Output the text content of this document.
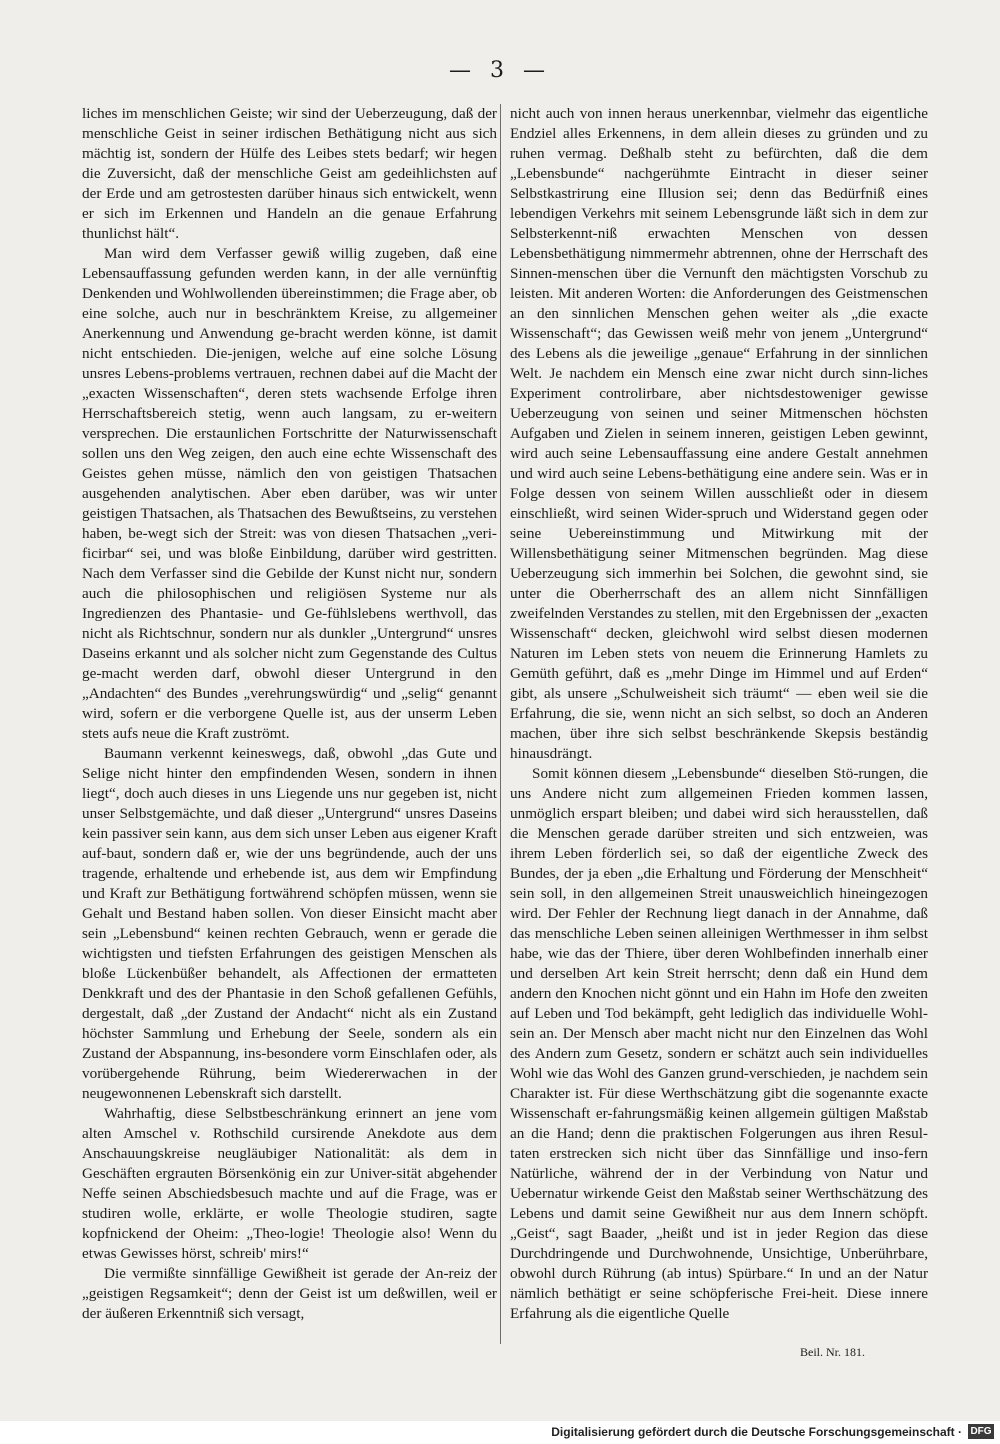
— 3 —

liches im menschlichen Geiste; wir sind der Ueberzeugung, daß der menschliche Geist in seiner irdischen Bethätigung nicht aus sich mächtig ist, sondern der Hülfe des Leibes stets bedarf; wir hegen die Zuversicht, daß der menschliche Geist am gedeihlichsten auf der Erde und am getrostesten darüber hinaus sich entwickelt, wenn er sich im Erkennen und Handeln an die genaue Erfahrung thunlichst hält“.

Man wird dem Verfasser gewiß willig zugeben, daß eine Lebensauffassung gefunden werden kann, in der alle vernünftig Denkenden und Wohlwollenden übereinstimmen; die Frage aber, ob eine solche, auch nur in beschränktem Kreise, zu allgemeiner Anerkennung und Anwendung ge-bracht werden könne, ist damit nicht entschieden. Die-jenigen, welche auf eine solche Lösung unsres Lebens-problems vertrauen, rechnen dabei auf die Macht der „exacten Wissenschaften“, deren stets wachsende Erfolge ihren Herrschaftsbereich stetig, wenn auch langsam, zu er-weitern versprechen. Die erstaunlichen Fortschritte der Naturwissenschaft sollen uns den Weg zeigen, den auch eine echte Wissenschaft des Geistes gehen müsse, nämlich den von geistigen Thatsachen ausgehenden analytischen. Aber eben darüber, was wir unter geistigen Thatsachen, als Thatsachen des Bewußtseins, zu verstehen haben, be-wegt sich der Streit: was von diesen Thatsachen „veri-ficirbar“ sei, und was bloße Einbildung, darüber wird gestritten. Nach dem Verfasser sind die Gebilde der Kunst nicht nur, sondern auch die philosophischen und religiösen Systeme nur als Ingredienzen des Phantasie- und Ge-fühlslebens werthvoll, das nicht als Richtschnur, sondern nur als dunkler „Untergrund“ unsres Daseins erkannt und als solcher nicht zum Gegenstande des Cultus ge-macht werden darf, obwohl dieser Untergrund in den „Andachten“ des Bundes „verehrungswürdig“ und „selig“ genannt wird, sofern er die verborgene Quelle ist, aus der unserm Leben stets aufs neue die Kraft zuströmt.

Baumann verkennt keineswegs, daß, obwohl „das Gute und Selige nicht hinter den empfindenden Wesen, sondern in ihnen liegt“, doch auch dieses in uns Liegende uns nur gegeben ist, nicht unser Selbstgemächte, und daß dieser „Untergrund“ unsres Daseins kein passiver sein kann, aus dem sich unser Leben aus eigener Kraft auf-baut, sondern daß er, wie der uns begründende, auch der uns tragende, erhaltende und erhebende ist, aus dem wir Empfindung und Kraft zur Bethätigung fortwährend schöpfen müssen, wenn sie Gehalt und Bestand haben sollen. Von dieser Einsicht macht aber sein „Lebensbund“ keinen rechten Gebrauch, wenn er gerade die wichtigsten und tiefsten Erfahrungen des geistigen Menschen als bloße Lückenbüßer behandelt, als Affectionen der ermatteten Denkkraft und des der Phantasie in den Schoß gefallenen Gefühls, dergestalt, daß „der Zustand der Andacht“ nicht als ein Zustand höchster Sammlung und Erhebung der Seele, sondern als ein Zustand der Abspannung, ins-besondere vorm Einschlafen oder, als vorübergehende Rührung, beim Wiedererwachen in der neugewonnenen Lebenskraft sich darstellt.

Wahrhaftig, diese Selbstbeschränkung erinnert an jene vom alten Amschel v. Rothschild cursirende Anekdote aus dem Anschauungskreise neugläubiger Nationalität: als dem in Geschäften ergrauten Börsenkönig ein zur Univer-sität abgehender Neffe seinen Abschiedsbesuch machte und auf die Frage, was er studiren wolle, erklärte, er wolle Theologie studiren, sagte kopfnickend der Oheim: „Theo-logie! Theologie also! Wenn du etwas Gewisses hörst, schreib' mirs!“

Die vermißte sinnfällige Gewißheit ist gerade der An-reiz der „geistigen Regsamkeit“; denn der Geist ist um deßwillen, weil er der äußeren Erkenntniß sich versagt,

nicht auch von innen heraus unerkennbar, vielmehr das eigentliche Endziel alles Erkennens, in dem allein dieses zu gründen und zu ruhen vermag. Deßhalb steht zu befürchten, daß die dem „Lebensbunde“ nachgerühmte Eintracht in dieser seiner Selbstkastrirung eine Illusion sei; denn das Bedürfniß eines lebendigen Verkehrs mit seinem Lebensgrunde läßt sich in dem zur Selbsterkennt-niß erwachten Menschen von dessen Lebensbethätigung nimmermehr abtrennen, ohne der Herrschaft des Sinnen-menschen über die Vernunft den mächtigsten Vorschub zu leisten. Mit anderen Worten: die Anforderungen des Geistmenschen an den sinnlichen Menschen gehen weiter als „die exacte Wissenschaft“; das Gewissen weiß mehr von jenem „Untergrund“ des Lebens als die jeweilige „genaue“ Erfahrung in der sinnlichen Welt. Je nachdem ein Mensch eine zwar nicht durch sinn-liches Experiment controlirbare, aber nichtsdestoweniger gewisse Ueberzeugung von seinen und seiner Mitmenschen höchsten Aufgaben und Zielen in seinem inneren, geistigen Leben gewinnt, wird auch seine Lebensauffassung eine andere Gestalt annehmen und wird auch seine Lebens-bethätigung eine andere sein. Was er in Folge dessen von seinem Willen ausschließt oder in diesem einschließt, wird seinen Wider-spruch und Widerstand gegen oder seine Uebereinstimmung und Mitwirkung mit der Willensbethätigung seiner Mitmenschen begründen. Mag diese Ueberzeugung sich immerhin bei Solchen, die gewohnt sind, sie unter die Oberherrschaft des an allem nicht Sinnfälligen zweifelnden Verstandes zu stellen, mit den Ergebnissen der „exacten Wissenschaft“ decken, gleichwohl wird selbst diesen modernen Naturen im Leben stets von neuem die Erinnerung Hamlets zu Gemüth geführt, daß es „mehr Dinge im Himmel und auf Erden“ gibt, als unsere „Schulweisheit sich träumt“ — eben weil sie die Erfahrung, die sie, wenn nicht an sich selbst, so doch an Anderen machen, über ihre sich selbst beschränkende Skepsis beständig hinausdrängt.

Somit können diesem „Lebensbunde“ dieselben Stö-rungen, die uns Andere nicht zum allgemeinen Frieden kommen lassen, unmöglich erspart bleiben; und dabei wird sich herausstellen, daß die Menschen gerade darüber streiten und sich entzweien, was ihrem Leben förderlich sei, so daß der eigentliche Zweck des Bundes, der ja eben „die Erhaltung und Förderung der Menschheit“ sein soll, in den allgemeinen Streit unausweichlich hineingezogen wird. Der Fehler der Rechnung liegt danach in der Annahme, daß das menschliche Leben seinen alleinigen Werthmesser in ihm selbst habe, wie das der Thiere, über deren Wohlbefinden innerhalb einer und derselben Art kein Streit herrscht; denn daß ein Hund dem andern den Knochen nicht gönnt und ein Hahn im Hofe den zweiten auf Leben und Tod bekämpft, geht lediglich das individuelle Wohl-sein an. Der Mensch aber macht nicht nur den Einzelnen das Wohl des Andern zum Gesetz, sondern er schätzt auch sein individuelles Wohl wie das Wohl des Ganzen grund-verschieden, je nachdem sein Charakter ist. Für diese Werthschätzung gibt die sogenannte exacte Wissenschaft er-fahrungsmäßig keinen allgemein gültigen Maßstab an die Hand; denn die praktischen Folgerungen aus ihren Resul-taten erstrecken sich nicht über das Sinnfällige und inso-fern Natürliche, während der in der Verbindung von Natur und Uebernatur wirkende Geist den Maßstab seiner Werthschätzung des Lebens und damit seine Gewißheit nur aus dem Innern schöpft. „Geist“, sagt Baader, „heißt und ist in jeder Region das diese Durchdringende und Durchwohnende, Unsichtige, Unberührbare, obwohl durch Rührung (ab intus) Spürbare.“ In und an der Natur nämlich bethätigt er seine schöpferische Frei-heit. Diese innere Erfahrung als die eigentliche Quelle

Beil. Nr. 181.
Digitalisierung gefördert durch die Deutsche Forschungsgemeinschaft · DFG
